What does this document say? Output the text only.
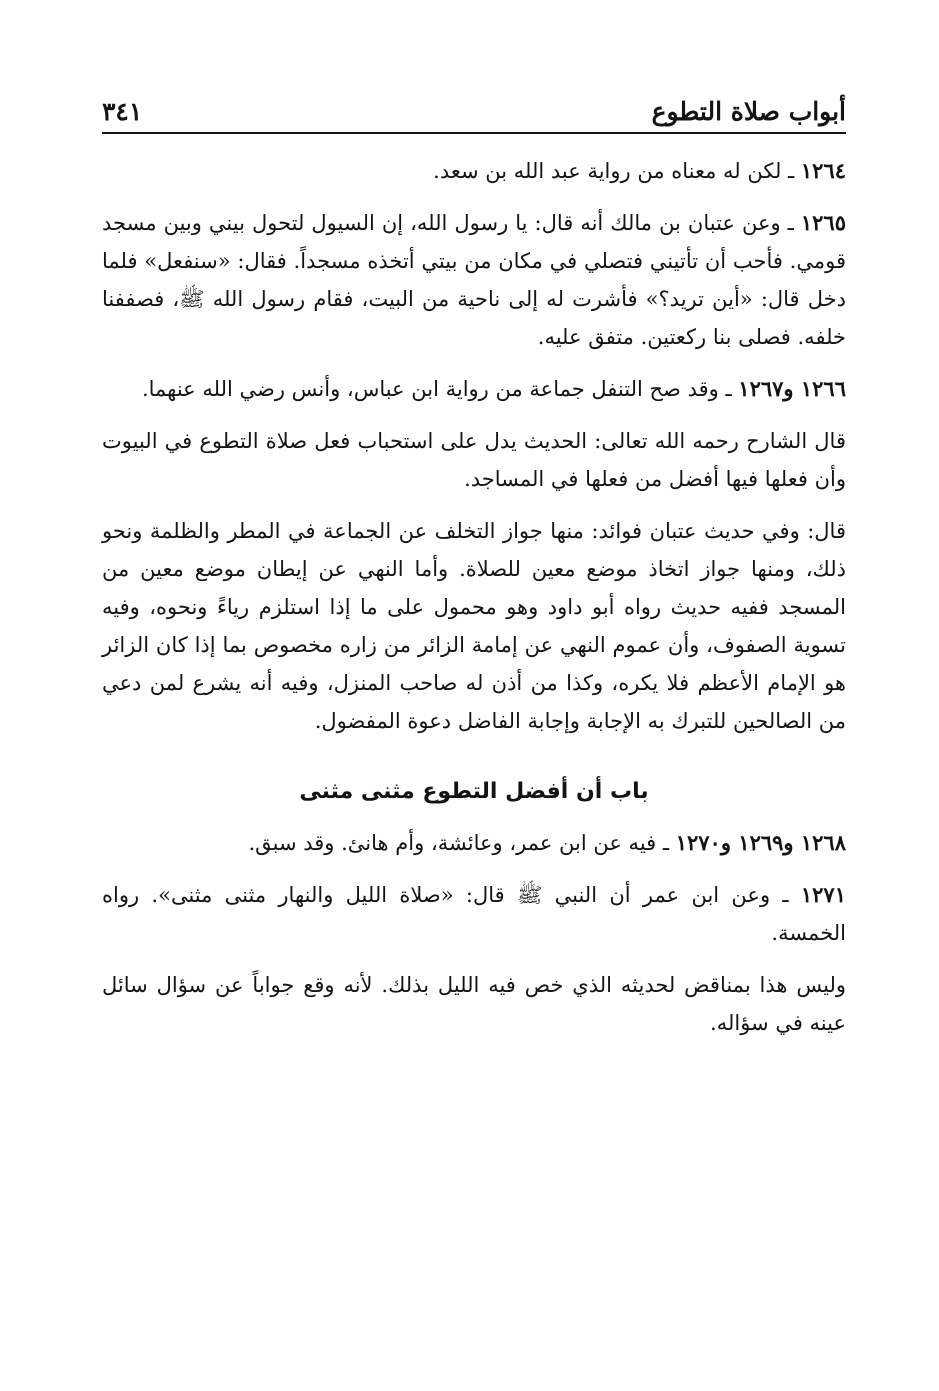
أبواب صلاة التطوع
٣٤١

١٢٦٤ ـ لكن له معناه من رواية عبد الله بن سعد.

١٢٦٥ ـ وعن عتبان بن مالك أنه قال: يا رسول الله، إن السيول لتحول بيني وبين مسجد قومي. فأحب أن تأتيني فتصلي في مكان من بيتي أتخذه مسجداً. فقال: «سنفعل» فلما دخل قال: «أين تريد؟» فأشرت له إلى ناحية من البيت، فقام رسول الله ﷺ، فصففنا خلفه. فصلى بنا ركعتين. متفق عليه.

١٢٦٦ و١٢٦٧ ـ وقد صح التنفل جماعة من رواية ابن عباس، وأنس رضي الله عنهما.

قال الشارح رحمه الله تعالى: الحديث يدل على استحباب فعل صلاة التطوع في البيوت وأن فعلها فيها أفضل من فعلها في المساجد.

قال: وفي حديث عتبان فوائد: منها جواز التخلف عن الجماعة في المطر والظلمة ونحو ذلك، ومنها جواز اتخاذ موضع معين للصلاة. وأما النهي عن إيطان موضع معين من المسجد ففيه حديث رواه أبو داود وهو محمول على ما إذا استلزم رياءً ونحوه، وفيه تسوية الصفوف، وأن عموم النهي عن إمامة الزائر من زاره مخصوص بما إذا كان الزائر هو الإمام الأعظم فلا يكره، وكذا من أذن له صاحب المنزل، وفيه أنه يشرع لمن دعي من الصالحين للتبرك به الإجابة وإجابة الفاضل دعوة المفضول.

باب أن أفضل التطوع مثنى مثنى

١٢٦٨ و١٢٦٩ و١٢٧٠ ـ فيه عن ابن عمر، وعائشة، وأم هانئ. وقد سبق.

١٢٧١ ـ وعن ابن عمر أن النبي ﷺ قال: «صلاة الليل والنهار مثنى مثنى». رواه الخمسة.

وليس هذا بمناقض لحديثه الذي خص فيه الليل بذلك. لأنه وقع جواباً عن سؤال سائل عينه في سؤاله.
